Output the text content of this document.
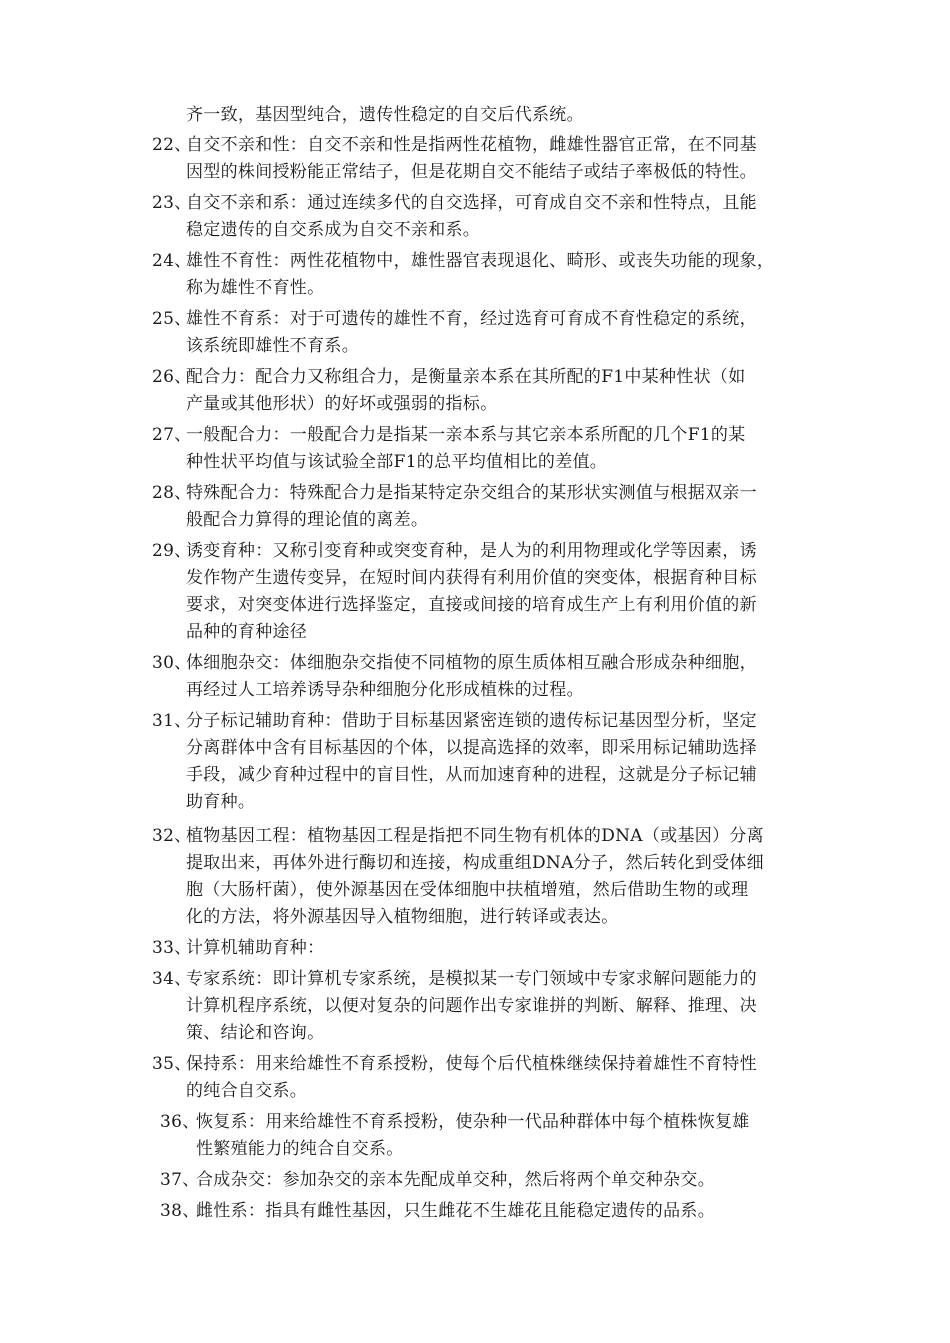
齐一致，基因型纯合，遗传性稳定的自交后代系统。
22、
自交不亲和性：自交不亲和性是指两性花植物，雌雄性器官正常，在不同基
因型的株间授粉能正常结子，但是花期自交不能结子或结子率极低的特性。
23、
自交不亲和系：通过连续多代的自交选择，可育成自交不亲和性特点，且能
稳定遗传的自交系成为自交不亲和系。
24、
雄性不育性：两性花植物中，雄性器官表现退化、畸形、或丧失功能的现象，
称为雄性不育性。
25、
雄性不育系：对于可遗传的雄性不育，经过选育可育成不育性稳定的系统，
该系统即雄性不育系。
26、
配合力：配合力又称组合力，是衡量亲本系在其所配的F1中某种性状（如
产量或其他形状）的好坏或强弱的指标。
27、
一般配合力：一般配合力是指某一亲本系与其它亲本系所配的几个F1的某
种性状平均值与该试验全部F1的总平均值相比的差值。
28、
特殊配合力：特殊配合力是指某特定杂交组合的某形状实测值与根据双亲一
般配合力算得的理论值的离差。
29、
诱变育种：又称引变育种或突变育种，是人为的利用物理或化学等因素，诱
发作物产生遗传变异，在短时间内获得有利用价值的突变体，根据育种目标
要求，对突变体进行选择鉴定，直接或间接的培育成生产上有利用价值的新
品种的育种途径
30、
体细胞杂交：体细胞杂交指使不同植物的原生质体相互融合形成杂种细胞，
再经过人工培养诱导杂种细胞分化形成植株的过程。
31、
分子标记辅助育种：借助于目标基因紧密连锁的遗传标记基因型分析，坚定
分离群体中含有目标基因的个体，以提高选择的效率，即采用标记辅助选择
手段，减少育种过程中的盲目性，从而加速育种的进程，这就是分子标记辅
助育种。
32、
植物基因工程：植物基因工程是指把不同生物有机体的DNA（或基因）分离
提取出来，再体外进行酶切和连接，构成重组DNA分子，然后转化到受体细
胞（大肠杆菌），使外源基因在受体细胞中扶植增殖，然后借助生物的或理
化的方法，将外源基因导入植物细胞，进行转译或表达。
33、
计算机辅助育种：
34、
专家系统：即计算机专家系统，是模拟某一专门领域中专家求解问题能力的
计算机程序系统，以便对复杂的问题作出专家谁拼的判断、解释、推理、决
策、结论和咨询。
35、
保持系：用来给雄性不育系授粉，使每个后代植株继续保持着雄性不育特性
的纯合自交系。
36、
恢复系：用来给雄性不育系授粉，使杂种一代品种群体中每个植株恢复雄
性繁殖能力的纯合自交系。
37、
合成杂交：参加杂交的亲本先配成单交种，然后将两个单交种杂交。
38、
雌性系：指具有雌性基因，只生雌花不生雄花且能稳定遗传的品系。
